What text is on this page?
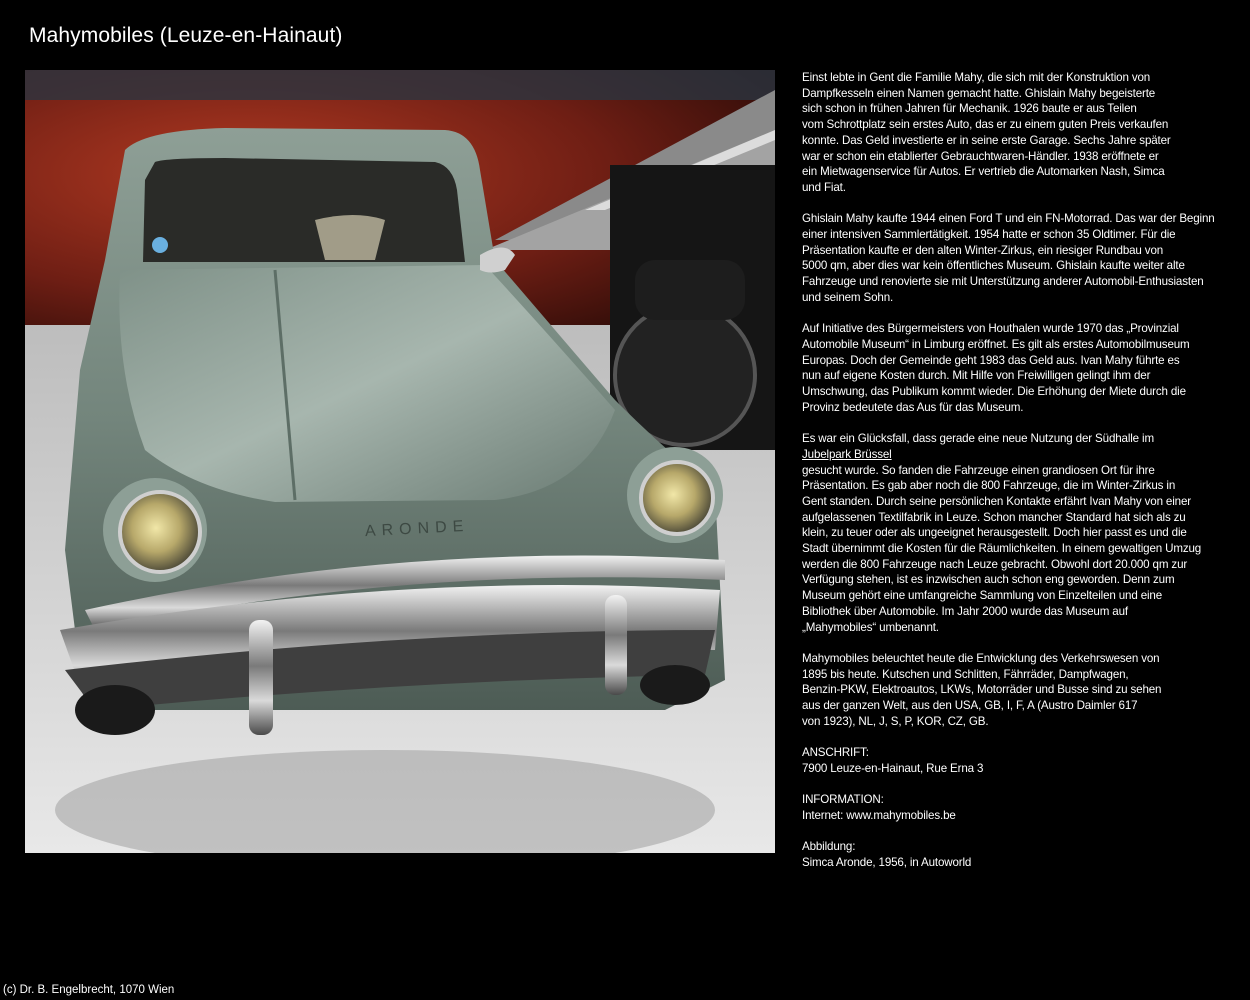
Mahymobiles (Leuze-en-Hainaut)
ARONDE

Einst lebte in Gent die Familie Mahy, die sich mit der Konstruktion von
Dampfkesseln einen Namen gemacht hatte. Ghislain Mahy begeisterte
sich schon in frühen Jahren für Mechanik. 1926 baute er aus Teilen
vom Schrottplatz sein erstes Auto, das er zu einem guten Preis verkaufen
konnte. Das Geld investierte er in seine erste Garage. Sechs Jahre später
war er schon ein etablierter Gebrauchtwaren-Händler. 1938 eröffnete er
ein Mietwagenservice für Autos. Er vertrieb die Automarken Nash, Simca
und Fiat.

Ghislain Mahy kaufte 1944 einen Ford T und ein FN-Motorrad. Das war der Beginn
einer intensiven Sammlertätigkeit. 1954 hatte er schon 35 Oldtimer. Für die
Präsentation kaufte er den alten Winter-Zirkus, ein riesiger Rundbau von
5000 qm, aber dies war kein öffentliches Museum. Ghislain kaufte weiter alte
Fahrzeuge und renovierte sie mit Unterstützung anderer Automobil-Enthusiasten
und seinem Sohn.

Auf Initiative des Bürgermeisters von Houthalen wurde 1970 das „Provinzial
Automobile Museum“ in Limburg eröffnet. Es gilt als erstes Automobilmuseum
Europas. Doch der Gemeinde geht 1983 das Geld aus. Ivan Mahy führte es
nun auf eigene Kosten durch. Mit Hilfe von Freiwilligen gelingt ihm der
Umschwung, das Publikum kommt wieder. Die Erhöhung der Miete durch die
Provinz bedeutete das Aus für das Museum.

Es war ein Glücksfall, dass gerade eine neue Nutzung der Südhalle im
Jubelpark Brüssel
gesucht wurde. So fanden die Fahrzeuge einen grandiosen Ort für ihre
Präsentation. Es gab aber noch die 800 Fahrzeuge, die im Winter-Zirkus in
Gent standen. Durch seine persönlichen Kontakte erfährt Ivan Mahy von einer
aufgelassenen Textilfabrik in Leuze. Schon mancher Standard hat sich als zu
klein, zu teuer oder als ungeeignet herausgestellt. Doch hier passt es und die
Stadt übernimmt die Kosten für die Räumlichkeiten. In einem gewaltigen Umzug
werden die 800 Fahrzeuge nach Leuze gebracht. Obwohl dort 20.000 qm zur
Verfügung stehen, ist es inzwischen auch schon eng geworden. Denn zum
Museum gehört eine umfangreiche Sammlung von Einzelteilen und eine
Bibliothek über Automobile. Im Jahr 2000 wurde das Museum auf
„Mahymobiles“ umbenannt.

Mahymobiles beleuchtet heute die Entwicklung des Verkehrswesen von
1895 bis heute. Kutschen und Schlitten, Fährräder, Dampfwagen,
Benzin-PKW, Elektroautos, LKWs, Motorräder und Busse sind zu sehen
aus der ganzen Welt, aus den USA, GB, I, F, A (Austro Daimler 617
von 1923), NL, J, S, P, KOR, CZ, GB.

ANSCHRIFT:
7900 Leuze-en-Hainaut, Rue Erna 3

INFORMATION:
Internet: www.mahymobiles.be

Abbildung:
Simca Aronde, 1956, in Autoworld

(c) Dr. B. Engelbrecht, 1070 Wien
